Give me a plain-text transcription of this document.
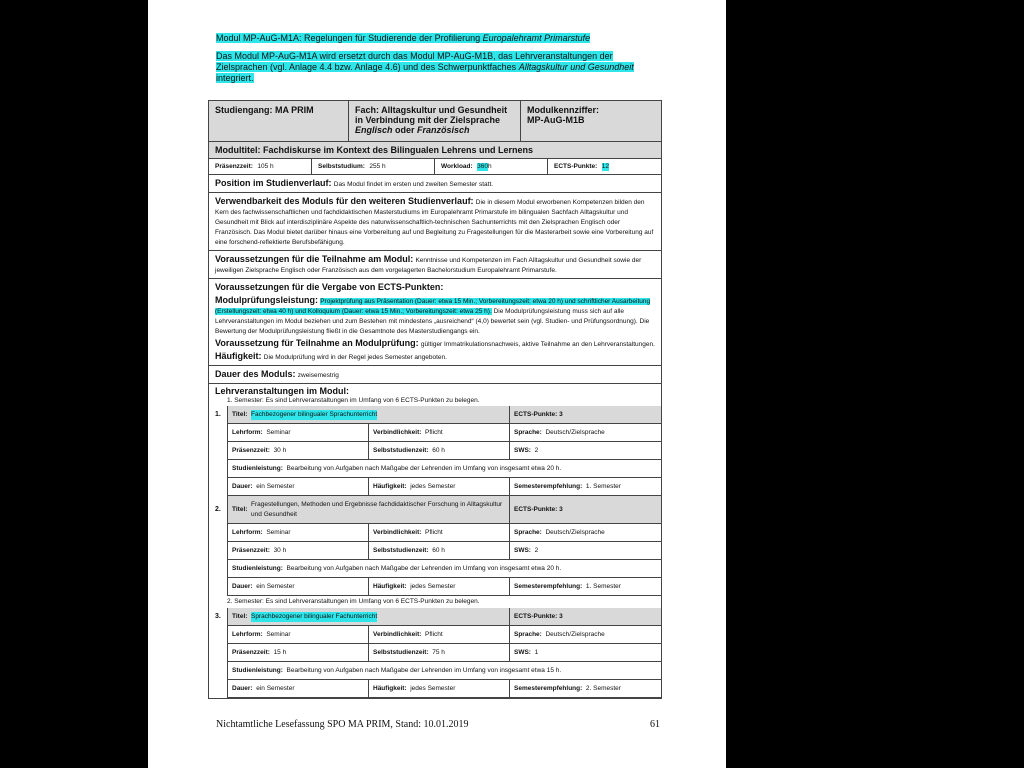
Modul MP-AuG-M1A: Regelungen für Studierende der Profilierung Europalehramt Primarstufe
Das Modul MP-AuG-M1A wird ersetzt durch das Modul MP-AuG-M1B, das Lehrveranstaltungen der Zielsprachen (vgl. Anlage 4.4 bzw. Anlage 4.6) und des Schwerpunktfaches Alltagskultur und Gesundheit integriert.
Studiengang: MA PRIM	Fach: Alltagskultur und Gesundheit in Verbindung mit der Zielsprache Englisch oder Französisch
Modulkennziffer:
MP-AuG-M1B
Modultitel: Fachdiskurse im Kontext des Bilingualen Lehrens und Lernens
Präsenzzeit:
105 h	Selbststudium:
255 h	Workload:
360 h	ECTS-Punkte:
12
Position im Studienverlauf: Das Modul findet im ersten und zweiten Semester statt.
Verwendbarkeit des Moduls für den weiteren Studienverlauf: Die in diesem Modul erworbenen Kompetenzen bilden den Kern des fachwissenschaftlichen und fachdidaktischen Masterstudiums im Europalehramt Primarstufe im bilingualen Sachfach Alltagskultur und Gesundheit mit Blick auf interdisziplinäre Aspekte des naturwissenschaftlich-technischen Sachunterrichts mit den Zielsprachen Englisch oder Französisch. Das Modul bietet darüber hinaus eine Vorbereitung auf und Begleitung zu Fragestellungen für die Masterarbeit sowie eine Vorbereitung auf eine forschend-reflektierte Berufsbefähigung.
Voraussetzungen für die Teilnahme am Modul: Kenntnisse und Kompetenzen im Fach Alltagskultur und Gesundheit sowie der jeweiligen Zielsprache Englisch oder Französisch aus dem vorgelagerten Bachelorstudium Europalehramt Primarstufe.
Voraussetzungen für die Vergabe von ECTS-Punkten:
Modulprüfungsleistung: Projektprüfung aus Präsentation (Dauer: etwa 15 Min.; Vorbereitungszeit: etwa 20 h) und schriftlicher Ausarbeitung (Erstellungszeit: etwa 40 h) und Kolloquium (Dauer: etwa 15 Min.; Vorbereitungszeit: etwa 25 h). Die Modulprüfungsleistung muss sich auf alle Lehrveranstaltungen im Modul beziehen und zum Bestehen mit mindestens „ausreichend“ (4,0) bewertet sein (vgl. Studien- und Prüfungsordnung). Die Bewertung der Modulprüfungsleistung fließt in die Gesamtnote des Masterstudiengangs ein.
Voraussetzung für Teilnahme an Modulprüfung: gültiger Immatrikulationsnachweis, aktive Teilnahme an den Lehrveranstaltungen.
Häufigkeit: Die Modulprüfung wird in der Regel jedes Semester angeboten.
Dauer des Moduls: zweisemestrig
Lehrveranstaltungen im Modul:
1. Semester: Es sind Lehrveranstaltungen im Umfang von 6 ECTS-Punkten zu belegen.
1. Titel:
Fachbezogener bilingualer Sprachunterricht	ECTS-Punkte: 3
Lehrform:
Seminar	Verbindlichkeit:
Pflicht	Sprache:
Deutsch/Zielsprache
Präsenzzeit:
30 h	Selbststudienzeit:
60 h	SWS:
2
Studienleistung:
Bearbeitung von Aufgaben nach Maßgabe der Lehrenden im Umfang von insgesamt etwa 20 h.
Dauer:
ein Semester	Häufigkeit:
jedes Semester	Semesterempfehlung:
1. Semester
2. Titel:

Fragestellungen, Methoden und Ergebnisse fachdidaktischer Forschung in Alltagskultur und Gesundheit
ECTS-Punkte: 3
Lehrform:
Seminar	Verbindlichkeit:
Pflicht	Sprache:
Deutsch/Zielsprache
Präsenzzeit:
30 h	Selbststudienzeit:
60 h	SWS:
2
Studienleistung:
Bearbeitung von Aufgaben nach Maßgabe der Lehrenden im Umfang von insgesamt etwa 20 h.
Dauer:
ein Semester	Häufigkeit:
jedes Semester	Semesterempfehlung:
1. Semester
2. Semester: Es sind Lehrveranstaltungen im Umfang von 6 ECTS-Punkten zu belegen.
3. Titel:
Sprachbezogener bilingualer Fachunterricht	ECTS-Punkte: 3
Lehrform:
Seminar	Verbindlichkeit:
Pflicht	Sprache:
Deutsch/Zielsprache
Präsenzzeit:
15 h	Selbststudienzeit:
75 h	SWS:
1
Studienleistung:
Bearbeitung von Aufgaben nach Maßgabe der Lehrenden im Umfang von insgesamt etwa 15 h.
Dauer:
ein Semester	Häufigkeit:
jedes Semester	Semesterempfehlung:
2. Semester
Nichtamtliche Lesefassung SPO MA PRIM, Stand: 10.01.2019	61
